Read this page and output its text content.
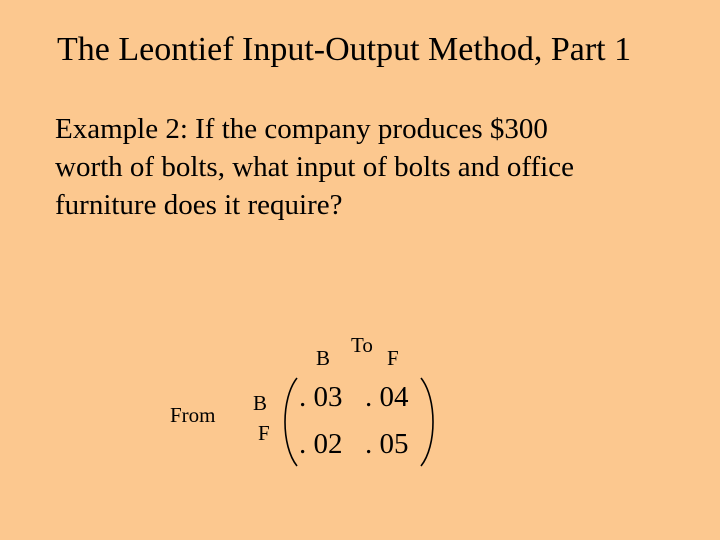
The Leontief Input-Output Method, Part 1
Example 2: If the company produces $300
worth of bolts, what input of bolts and office
furniture does it require?
To
B	F
From B
F
. 03 . 04
. 02 . 05
